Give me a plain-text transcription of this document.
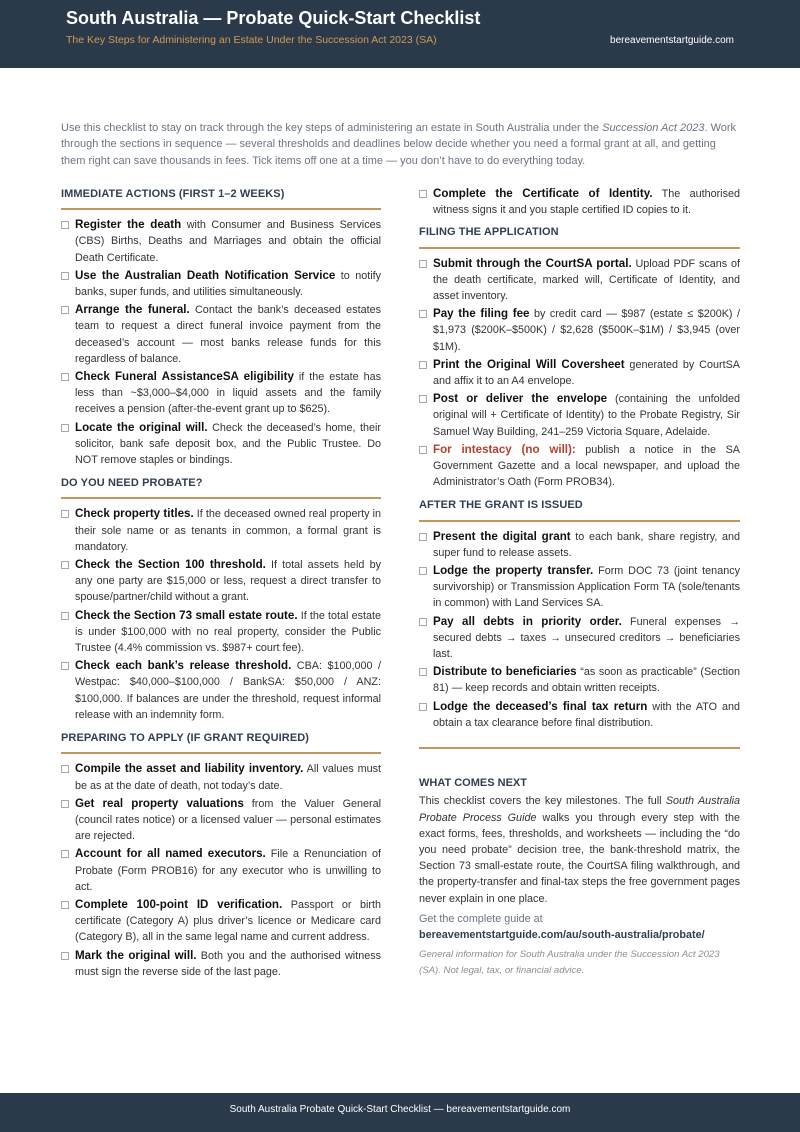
South Australia — Probate Quick-Start Checklist
The Key Steps for Administering an Estate Under the Succession Act 2023 (SA)	bereavementstartguide.com
Use this checklist to stay on track through the key steps of administering an estate in South Australia under the Succession Act 2023. Work through the sections in sequence — several thresholds and deadlines below decide whether you need a formal grant at all, and getting them right can save thousands in fees. Tick items off one at a time — you don’t have to do everything today.
IMMEDIATE ACTIONS (FIRST 1–2 WEEKS)
Register the death with Consumer and Business Services (CBS) Births, Deaths and Marriages and obtain the official Death Certificate.
Use the Australian Death Notification Service to notify banks, super funds, and utilities simultaneously.
Arrange the funeral. Contact the bank’s deceased estates team to request a direct funeral invoice payment from the deceased’s account — most banks release funds for this regardless of balance.
Check Funeral AssistanceSA eligibility if the estate has less than ~$3,000–$4,000 in liquid assets and the family receives a pension (after-the-event grant up to $625).
Locate the original will. Check the deceased’s home, their solicitor, bank safe deposit box, and the Public Trustee. Do NOT remove staples or bindings.
DO YOU NEED PROBATE?
Check property titles. If the deceased owned real property in their sole name or as tenants in common, a formal grant is mandatory.
Check the Section 100 threshold. If total assets held by any one party are $15,000 or less, request a direct transfer to spouse/partner/child without a grant.
Check the Section 73 small estate route. If the total estate is under $100,000 with no real property, consider the Public Trustee (4.4% commission vs. $987+ court fee).
Check each bank’s release threshold. CBA: $100,000 / Westpac: $40,000–$100,000 / BankSA: $50,000 / ANZ: $100,000. If balances are under the threshold, request informal release with an indemnity form.
PREPARING TO APPLY (IF GRANT REQUIRED)
Compile the asset and liability inventory. All values must be as at the date of death, not today’s date.
Get real property valuations from the Valuer General (council rates notice) or a licensed valuer — personal estimates are rejected.
Account for all named executors. File a Renunciation of Probate (Form PROB16) for any executor who is unwilling to act.
Complete 100-point ID verification. Passport or birth certificate (Category A) plus driver’s licence or Medicare card (Category B), all in the same legal name and current address.
Mark the original will. Both you and the authorised witness must sign the reverse side of the last page.
Complete the Certificate of Identity. The authorised witness signs it and you staple certified ID copies to it.
FILING THE APPLICATION
Submit through the CourtSA portal. Upload PDF scans of the death certificate, marked will, Certificate of Identity, and asset inventory.
Pay the filing fee by credit card — $987 (estate ≤ $200K) / $1,973 ($200K–$500K) / $2,628 ($500K–$1M) / $3,945 (over $1M).
Print the Original Will Coversheet generated by CourtSA and affix it to an A4 envelope.
Post or deliver the envelope (containing the unfolded original will + Certificate of Identity) to the Probate Registry, Sir Samuel Way Building, 241–259 Victoria Square, Adelaide.
For intestacy (no will): publish a notice in the SA Government Gazette and a local newspaper, and upload the Administrator’s Oath (Form PROB34).
AFTER THE GRANT IS ISSUED
Present the digital grant to each bank, share registry, and super fund to release assets.
Lodge the property transfer. Form DOC 73 (joint tenancy survivorship) or Transmission Application Form TA (sole/tenants in common) with Land Services SA.
Pay all debts in priority order. Funeral expenses → secured debts → taxes → unsecured creditors → beneficiaries last.
Distribute to beneficiaries “as soon as practicable” (Section 81) — keep records and obtain written receipts.
Lodge the deceased’s final tax return with the ATO and obtain a tax clearance before final distribution.
WHAT COMES NEXT
This checklist covers the key milestones. The full South Australia Probate Process Guide walks you through every step with the exact forms, fees, thresholds, and worksheets — including the “do you need probate” decision tree, the bank-threshold matrix, the Section 73 small-estate route, the CourtSA filing walkthrough, and the property-transfer and final-tax steps the free government pages never explain in one place.
Get the complete guide at bereavementstartguide.com/au/south-australia/probate/
General information for South Australia under the Succession Act 2023 (SA). Not legal, tax, or financial advice.
South Australia Probate Quick-Start Checklist — bereavementstartguide.com
